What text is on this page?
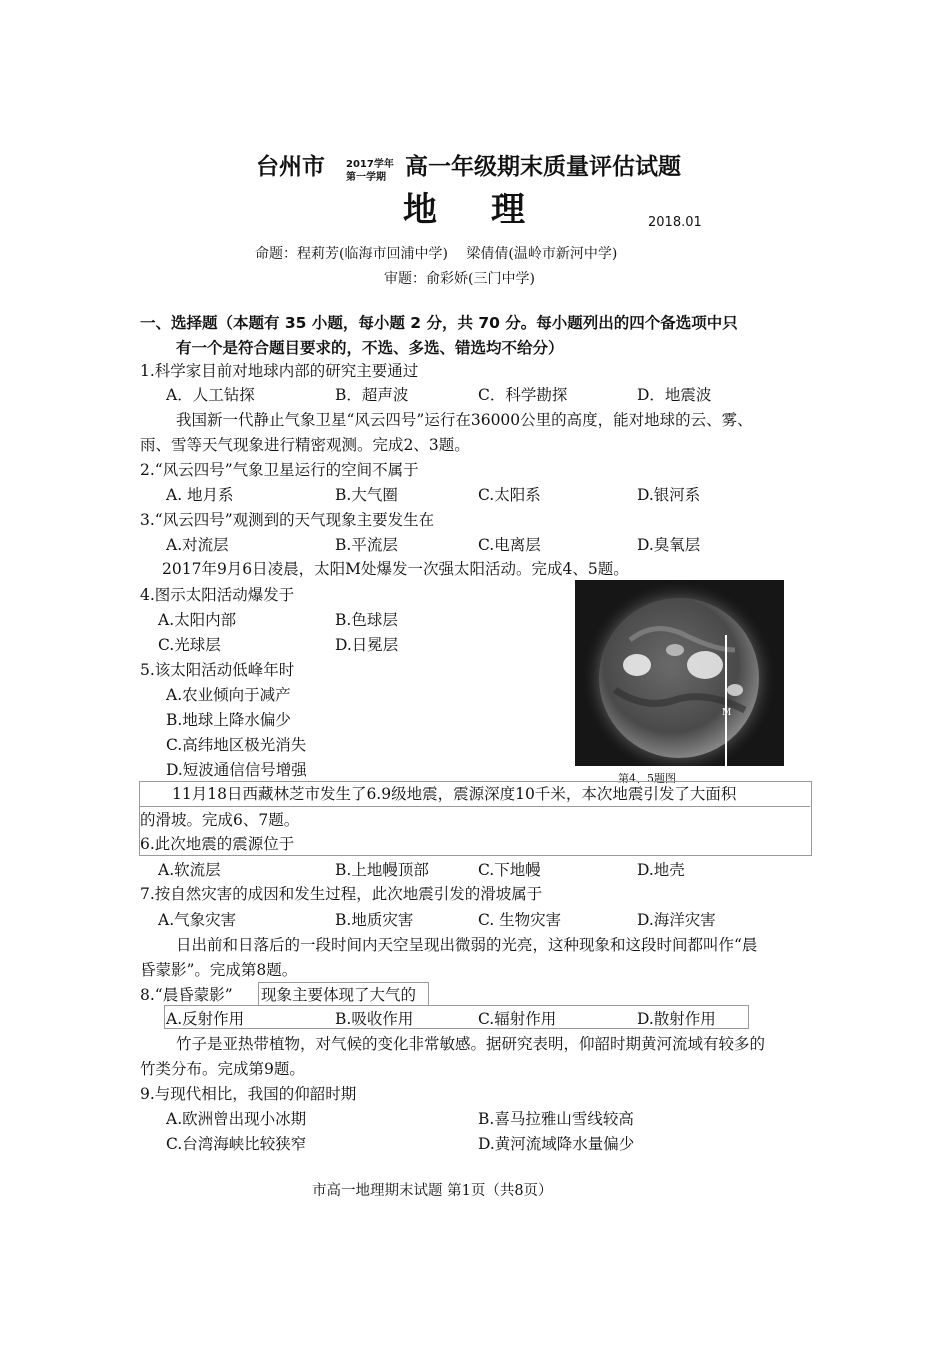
台州市 2017学年
第一学期 高一年级期末质量评估试题
地理	2018.01
命题：程莉芳(临海市回浦中学)　 梁倩倩(温岭市新河中学)
审题：俞彩娇(三门中学)
一、选择题（本题有 35 小题，每小题 2 分，共 70 分。每小题列出的四个备选项中只
有一个是符合题目要求的，不选、多选、错选均不给分）
1.科学家目前对地球内部的研究主要通过
A．人工钻探	B．超声波	C．科学勘探	D．地震波
我国新一代静止气象卫星“风云四号”运行在36000公里的高度，能对地球的云、雾、
雨、雪等天气现象进行精密观测。完成2、3题。
2.“风云四号”气象卫星运行的空间不属于
A. 地月系	B.大气圈	C.太阳系	D.银河系
3.“风云四号”观测到的天气现象主要发生在
A.对流层	B.平流层	C.电离层	D.臭氧层
2017年9月6日凌晨，太阳M处爆发一次强太阳活动。完成4、5题。
4.图示太阳活动爆发于
A.太阳内部	B.色球层
C.光球层	D.日冕层
5.该太阳活动低峰年时
A.农业倾向于减产
B.地球上降水偏少
C.高纬地区极光消失
D.短波通信信号增强
M
第4、5题图
11月18日西藏林芝市发生了6.9级地震，震源深度10千米，本次地震引发了大面积
的滑坡。完成6、7题。
6.此次地震的震源位于
A.软流层	B.上地幔顶部	C.下地幔	D.地壳
7.按自然灾害的成因和发生过程，此次地震引发的滑坡属于
A.气象灾害	B.地质灾害	C. 生物灾害	D.海洋灾害
日出前和日落后的一段时间内天空呈现出微弱的光亮，这种现象和这段时间都叫作“晨
昏蒙影”。完成第8题。
8.“晨昏蒙影” 现象主要体现了大气的
A.反射作用	B.吸收作用	C.辐射作用	D.散射作用
竹子是亚热带植物，对气候的变化非常敏感。据研究表明，仰韶时期黄河流域有较多的
竹类分布。完成第9题。
9.与现代相比，我国的仰韶时期
A.欧洲曾出现小冰期	B.喜马拉雅山雪线较高
C.台湾海峡比较狭窄	D.黄河流域降水量偏少
市高一地理期末试题 第1页（共8页）
